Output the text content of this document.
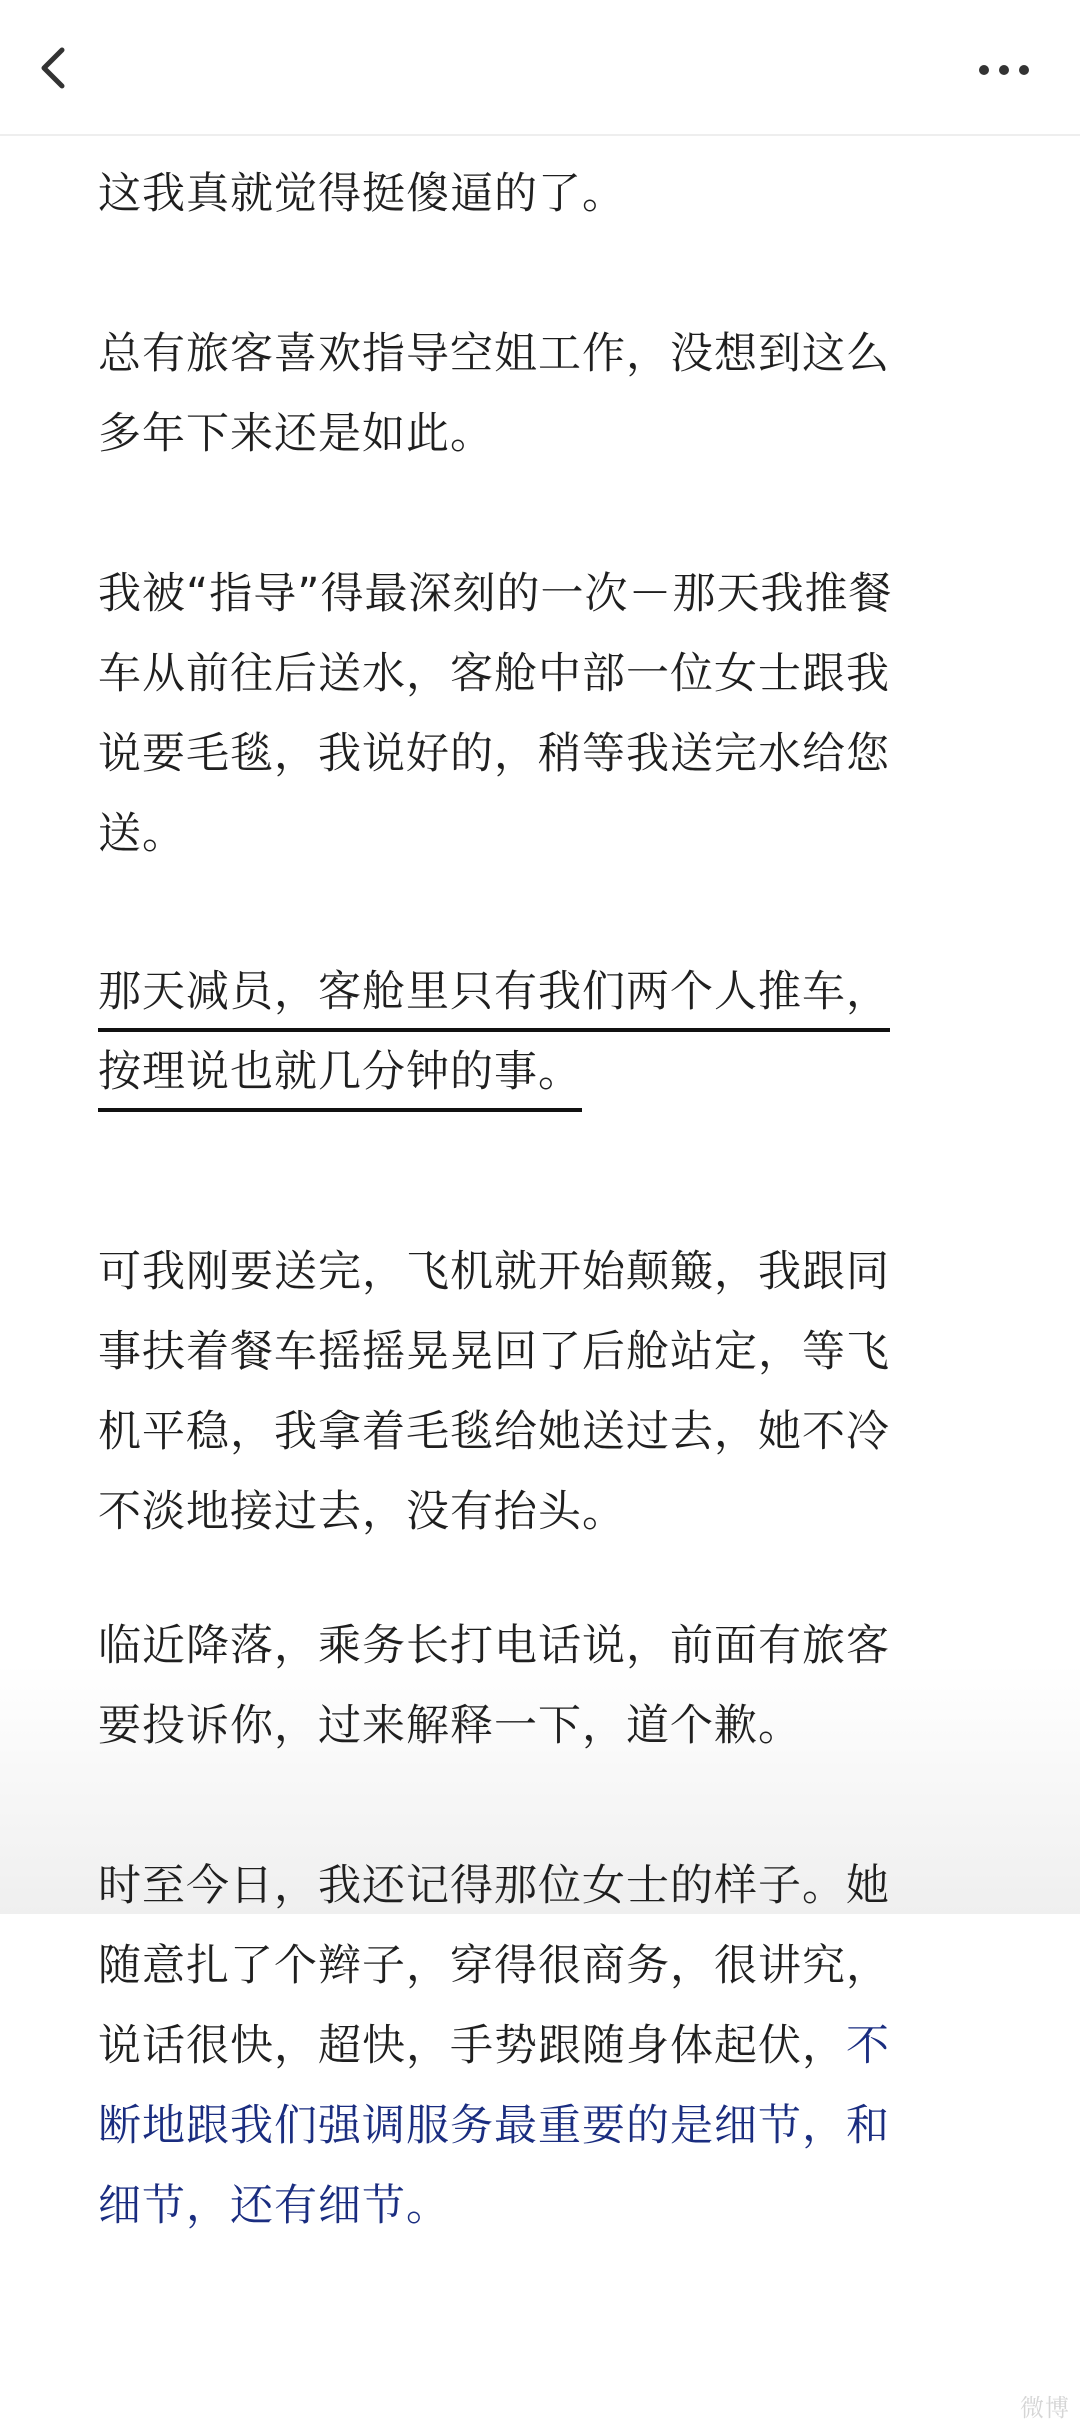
这我真就觉得挺傻逼的了。

总有旅客喜欢指导空姐工作，没想到这么
多年下来还是如此。

我被“指导”得最深刻的一次－那天我推餐
车从前往后送水，客舱中部一位女士跟我
说要毛毯，我说好的，稍等我送完水给您
送。

那天减员，客舱里只有我们两个人推车，
按理说也就几分钟的事。

可我刚要送完，飞机就开始颠簸，我跟同
事扶着餐车摇摇晃晃回了后舱站定，等飞
机平稳，我拿着毛毯给她送过去，她不冷
不淡地接过去，没有抬头。

临近降落，乘务长打电话说，前面有旅客
要投诉你，过来解释一下，道个歉。

时至今日，我还记得那位女士的样子。她
随意扎了个辫子，穿得很商务，很讲究，
说话很快，超快，手势跟随身体起伏，不
断地跟我们强调服务最重要的是细节，和
细节，还有细节。

微博
